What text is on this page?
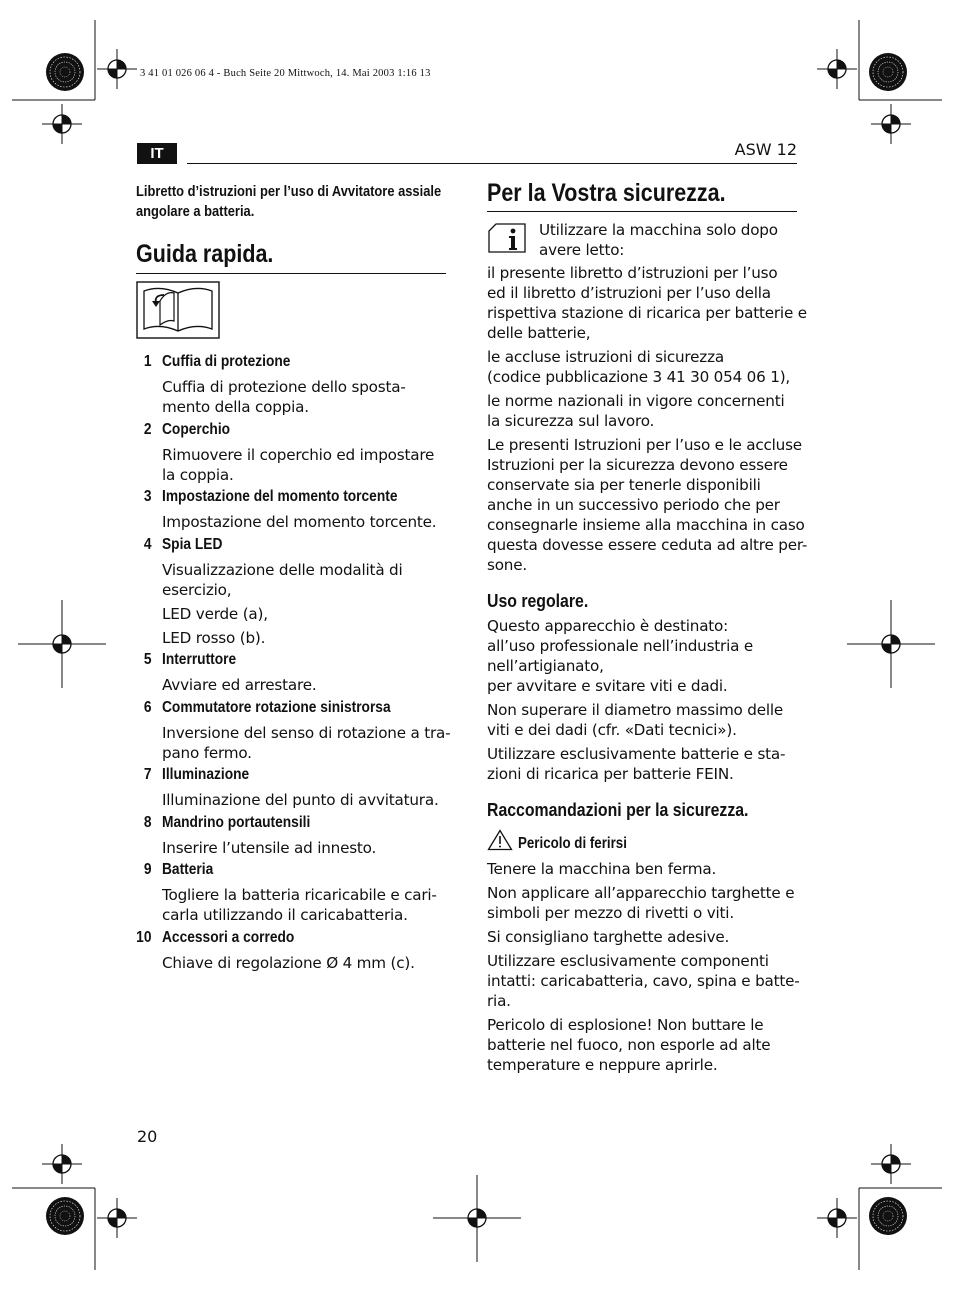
3 41 01 026 06 4 - Buch Seite 20 Mittwoch, 14. Mai 2003 1:16 13
IT	ASW 12
Libretto d’istruzioni per l’uso di Avvitatore assiale angolare a batteria.
Guida rapida.
1 Cuffia di protezione
Cuffia di protezione dello sposta-
mento della coppia.
2 Coperchio
Rimuovere il coperchio ed impostare
la coppia.
3 Impostazione del momento torcente
Impostazione del momento torcente.
4 Spia LED
Visualizzazione delle modalità di
esercizio,
LED verde (a),
LED rosso (b).
5 Interruttore
Avviare ed arrestare.
6 Commutatore rotazione sinistrorsa
Inversione del senso di rotazione a tra-
pano fermo.
7 Illuminazione
Illuminazione del punto di avvitatura.
8 Mandrino portautensili
Inserire l’utensile ad innesto.
9 Batteria
Togliere la batteria ricaricabile e cari-
carla utilizzando il caricabatteria.
10 Accessori a corredo
Chiave di regolazione Ø 4 mm (c).
Per la Vostra sicurezza.
Utilizzare la macchina solo dopo
avere letto:
il presente libretto d’istruzioni per l’uso
ed il libretto d’istruzioni per l’uso della
rispettiva stazione di ricarica per batterie e
delle batterie,
le accluse istruzioni di sicurezza
(codice pubblicazione 3 41 30 054 06 1),
le norme nazionali in vigore concernenti
la sicurezza sul lavoro.
Le presenti Istruzioni per l’uso e le accluse
Istruzioni per la sicurezza devono essere
conservate sia per tenerle disponibili
anche in un successivo periodo che per
consegnarle insieme alla macchina in caso
questa dovesse essere ceduta ad altre per-
sone.
Uso regolare.
Questo apparecchio è destinato:
all’uso professionale nell’industria e
nell’artigianato,
per avvitare e svitare viti e dadi.
Non superare il diametro massimo delle
viti e dei dadi (cfr. «Dati tecnici»).
Utilizzare esclusivamente batterie e sta-
zioni di ricarica per batterie FEIN.
Raccomandazioni per la sicurezza.
Pericolo di ferirsi
Tenere la macchina ben ferma.
Non applicare all’apparecchio targhette e
simboli per mezzo di rivetti o viti.
Si consigliano targhette adesive.
Utilizzare esclusivamente componenti
intatti: caricabatteria, cavo, spina e batte-
ria.
Pericolo di esplosione! Non buttare le
batterie nel fuoco, non esporle ad alte
temperature e neppure aprirle.
20
